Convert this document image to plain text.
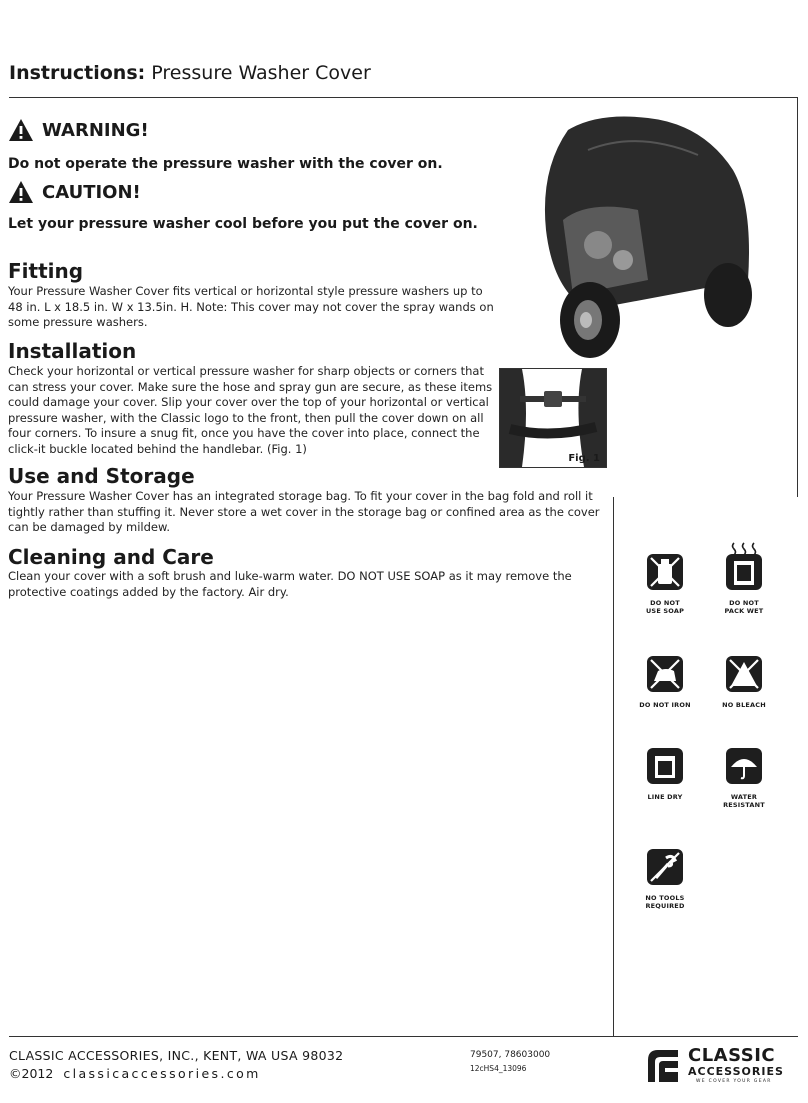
Instructions: Pressure Washer Cover
WARNING!
Do not operate the pressure washer with the cover on.
CAUTION!
Let your pressure washer cool before you put the cover on.
Fitting
Your Pressure Washer Cover fits vertical or horizontal style pressure washers up to 48 in. L x 18.5 in. W x 13.5in. H. Note: This cover may not cover the spray wands on some pressure washers.
Installation
Check your horizontal or vertical pressure washer for sharp objects or corners that can stress your cover. Make sure the hose and spray gun are secure, as these items could damage your cover. Slip your cover over the top of your horizontal or vertical pressure washer, with the Classic logo to the front, then pull the cover down on all four corners. To insure a snug fit, once you have the cover into place, connect the click-it buckle located behind the handlebar. (Fig. 1)
Fig. 1
Use and Storage
Your Pressure Washer Cover has an integrated storage bag. To fit your cover in the bag fold and roll it tightly rather than stuffing it. Never store a wet cover in the storage bag or confined area as the cover can be damaged by mildew.
Cleaning and Care
Clean your cover with a soft brush and luke-warm water. DO NOT USE SOAP as it may remove the protective coatings added by the factory. Air dry.
DO NOT
USE SOAP
DO NOT
PACK WET
DO NOT IRON	NO BLEACH
LINE DRY	WATER
RESISTANT
NO TOOLS
REQUIRED
CLASSIC ACCESSORIES, INC., KENT, WA USA 98032
©2012 classicaccessories.com
79507, 78603000
12cHS4_13096
CLASSIC
ACCESSORIES
WE COVER YOUR GEAR
